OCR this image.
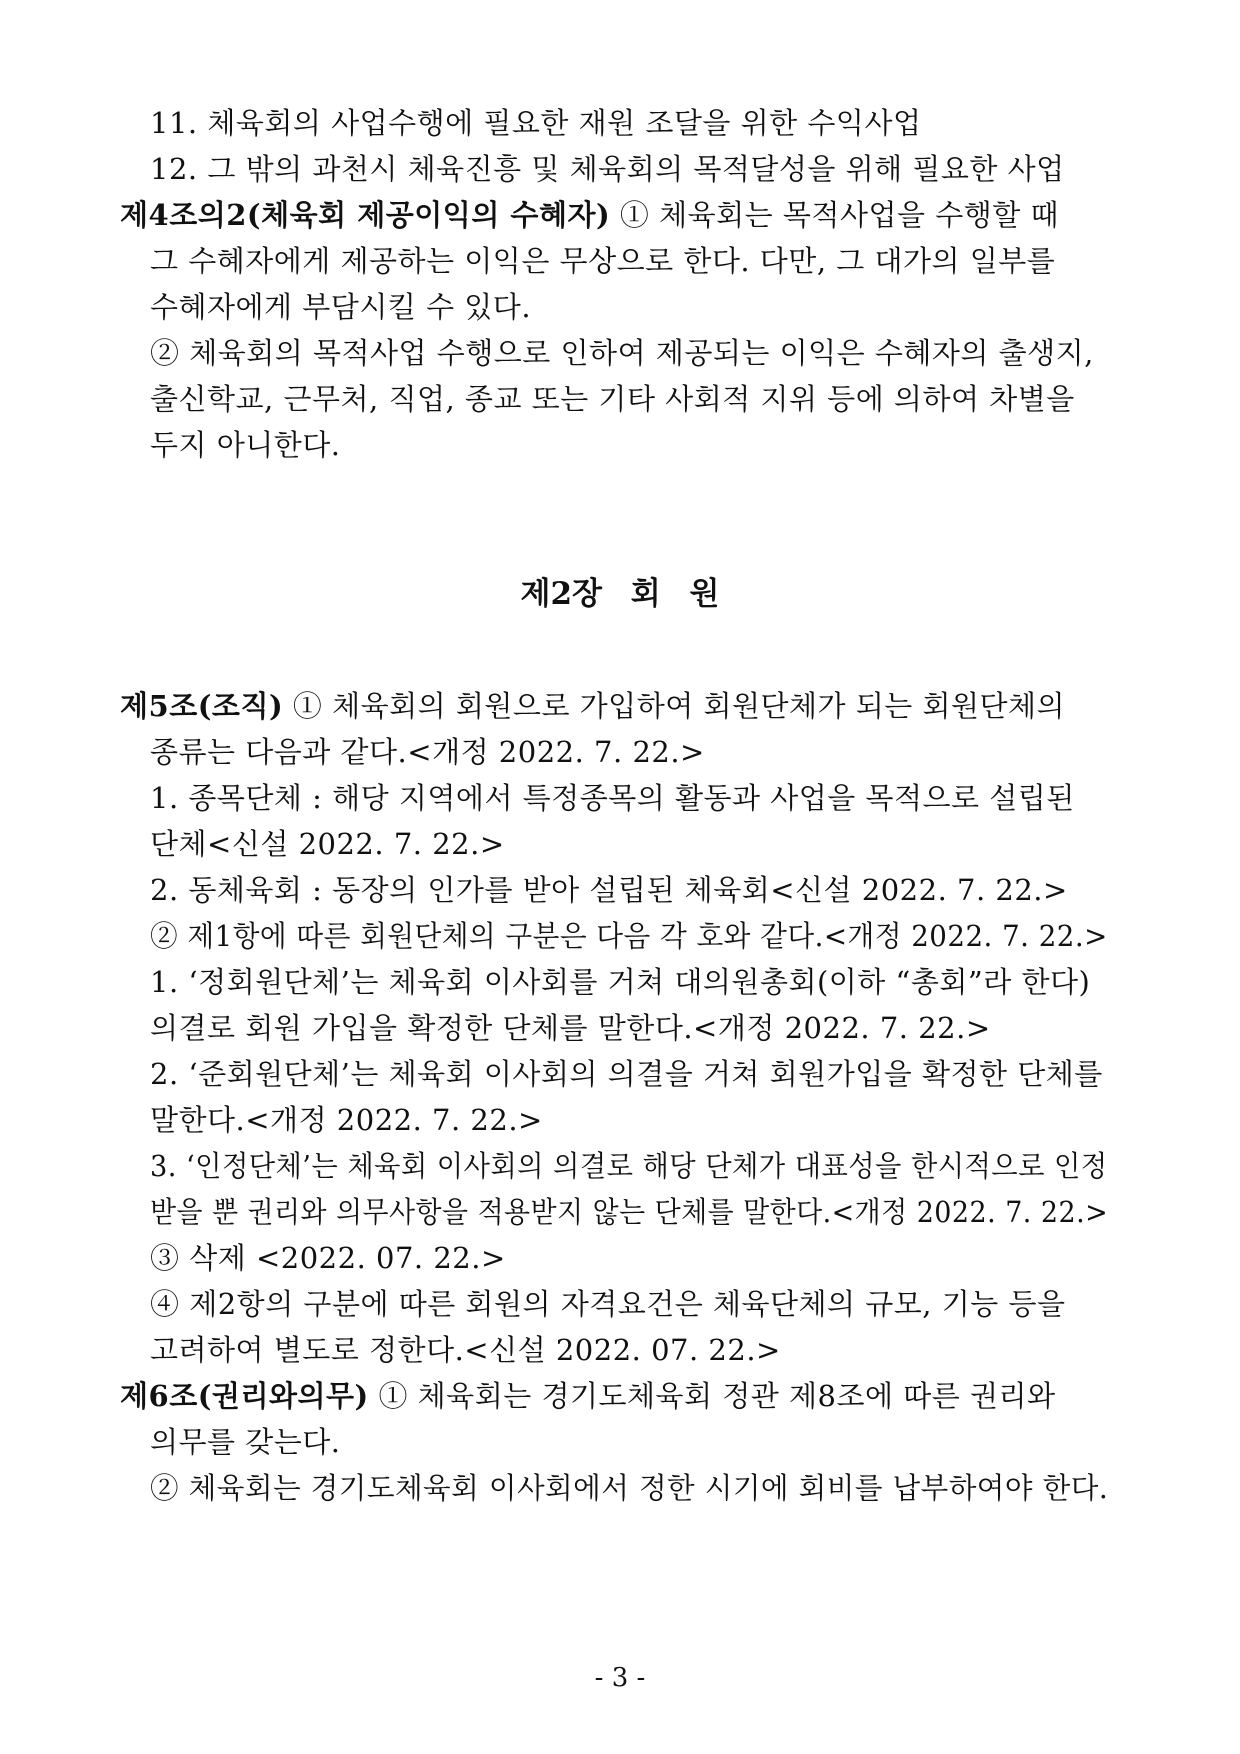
11. 체육회의 사업수행에 필요한 재원 조달을 위한 수익사업
12. 그 밖의 과천시 체육진흥 및 체육회의 목적달성을 위해 필요한 사업
제4조의2(체육회 제공이익의 수혜자) ① 체육회는 목적사업을 수행할 때
그 수혜자에게 제공하는 이익은 무상으로 한다. 다만, 그 대가의 일부를
수혜자에게 부담시킬 수 있다.
② 체육회의 목적사업 수행으로 인하여 제공되는 이익은 수혜자의 출생지,
출신학교, 근무처, 직업, 종교 또는 기타 사회적 지위 등에 의하여 차별을
두지 아니한다.
제2장 회 원
제5조(조직) ① 체육회의 회원으로 가입하여 회원단체가 되는 회원단체의
종류는 다음과 같다.<개정 2022. 7. 22.>
1. 종목단체 : 해당 지역에서 특정종목의 활동과 사업을 목적으로 설립된
단체<신설 2022. 7. 22.>
2. 동체육회 : 동장의 인가를 받아 설립된 체육회<신설 2022. 7. 22.>
② 제1항에 따른 회원단체의 구분은 다음 각 호와 같다.<개정 2022. 7. 22.>
1. ‘정회원단체’는 체육회 이사회를 거쳐 대의원총회(이하 “총회”라 한다)
의결로 회원 가입을 확정한 단체를 말한다.<개정 2022. 7. 22.>
2. ‘준회원단체’는 체육회 이사회의 의결을 거쳐 회원가입을 확정한 단체를
말한다.<개정 2022. 7. 22.>
3. ‘인정단체’는 체육회 이사회의 의결로 해당 단체가 대표성을 한시적으로 인정
받을 뿐 권리와 의무사항을 적용받지 않는 단체를 말한다.<개정 2022. 7. 22.>
③ 삭제 <2022. 07. 22.>
④ 제2항의 구분에 따른 회원의 자격요건은 체육단체의 규모, 기능 등을
고려하여 별도로 정한다.<신설 2022. 07. 22.>
제6조(권리와의무) ① 체육회는 경기도체육회 정관 제8조에 따른 권리와
의무를 갖는다.
② 체육회는 경기도체육회 이사회에서 정한 시기에 회비를 납부하여야 한다.
- 3 -
